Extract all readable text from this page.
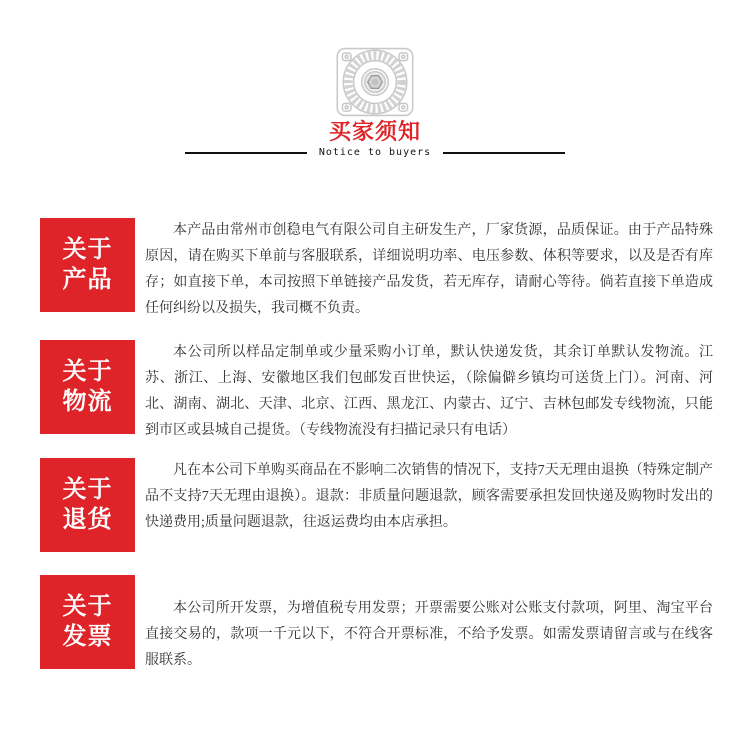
买家须知
Notice to buyers
关于
产品
本产品由常州市创稳电气有限公司自主研发生产，厂家货源，品质保证。由于产品特殊原因，请在购买下单前与客服联系，详细说明功率、电压参数、体积等要求，以及是否有库存；如直接下单，本司按照下单链接产品发货，若无库存，请耐心等待。倘若直接下单造成任何纠纷以及损失，我司概不负责。
关于
物流
本公司所以样品定制单或少量采购小订单，默认快递发货，其余订单默认发物流。江苏、浙江、上海、安徽地区我们包邮发百世快运，（除偏僻乡镇均可送货上门）。河南、河北、湖南、湖北、天津、北京、江西、黑龙江、内蒙古、辽宁、吉林包邮发专线物流，只能到市区或县城自己提货。（专线物流没有扫描记录只有电话）
关于
退货
凡在本公司下单购买商品在不影响二次销售的情况下，支持7天无理由退换（特殊定制产品不支持7天无理由退换）。退款：非质量问题退款，顾客需要承担发回快递及购物时发出的快递费用;质量问题退款，往返运费均由本店承担。
关于
发票
本公司所开发票，为增值税专用发票；开票需要公账对公账支付款项，阿里、淘宝平台直接交易的，款项一千元以下，不符合开票标准，不给予发票。如需发票请留言或与在线客服联系。
